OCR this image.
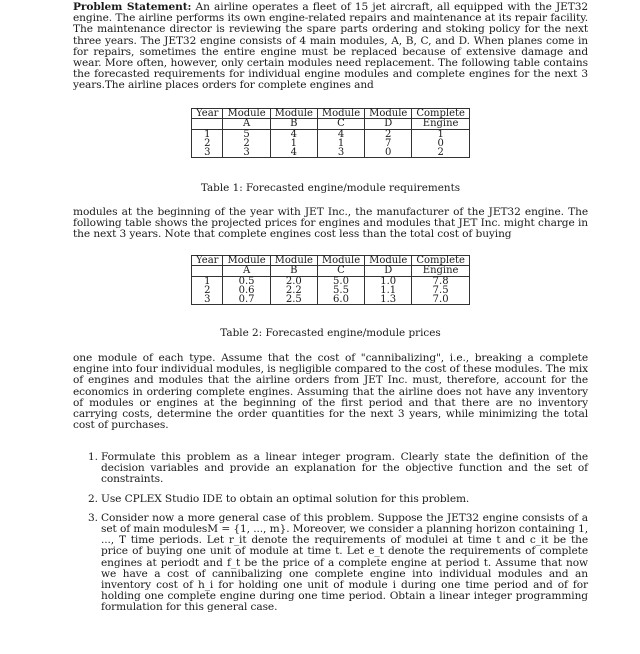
Problem Statement: An airline operates a fleet of 15 jet aircraft, all equipped with the JET32 engine. The airline performs its own engine-related repairs and maintenance at its repair facility. The maintenance director is reviewing the spare parts ordering and stoking policy for the next three years. The JET32 engine consists of 4 main modules, A, B, C, and D. When planes come in for repairs, sometimes the entire engine must be replaced because of extensive damage and wear. More often, however, only certain modules need replacement. The following table contains the forecasted requirements for individual engine modules and complete engines for the next 3 years.The airline places orders for complete engines and

Year	Module	Module	Module	Module	Complete
	A	B	C	D	Engine
1	5	4	4	2	1
2	2	1	1	7	0
3	3	4	3	0	2

Table 1: Forecasted engine/module requirements

modules at the beginning of the year with JET Inc., the manufacturer of the JET32 engine. The following table shows the projected prices for engines and modules that JET Inc. might charge in the next 3 years. Note that complete engines cost less than the total cost of buying

Year	Module	Module	Module	Module	Complete
	A	B	C	D	Engine
1	0.5	2.0	5.0	1.0	7.8
2	0.6	2.2	5.5	1.1	7.5
3	0.7	2.5	6.0	1.3	7.0

Table 2: Forecasted engine/module prices

one module of each type. Assume that the cost of "cannibalizing", i.e., breaking a complete engine into four individual modules, is negligible compared to the cost of these modules. The mix of engines and modules that the airline orders from JET Inc. must, therefore, account for the economics in ordering complete engines. Assuming that the airline does not have any inventory of modules or engines at the beginning of the first period and that there are no inventory carrying costs, determine the order quantities for the next 3 years, while minimizing the total cost of purchases.

1. Formulate this problem as a linear integer program. Clearly state the definition of the decision variables and provide an explanation for the objective function and the set of constraints.
2. Use CPLEX Studio IDE to obtain an optimal solution for this problem.
3. Consider now a more general case of this problem. Suppose the JET32 engine consists of a set of main modulesM = {1, ..., m}. Moreover, we consider a planning horizon containing 1, ..., T time periods. Let r_it denote the requirements of modulei at time t and c_it be the price of buying one unit of module at time t. Let e_t denote the requirements of complete engines at periodt and f_t be the price of a complete engine at period t. Assume that now we have a cost of cannibalizing one complete engine into individual modules and an inventory cost of h_i for holding one unit of module i during one time period and of for holding one complete engine during one time period. Obtain a linear integer programming formulation for this general case.
